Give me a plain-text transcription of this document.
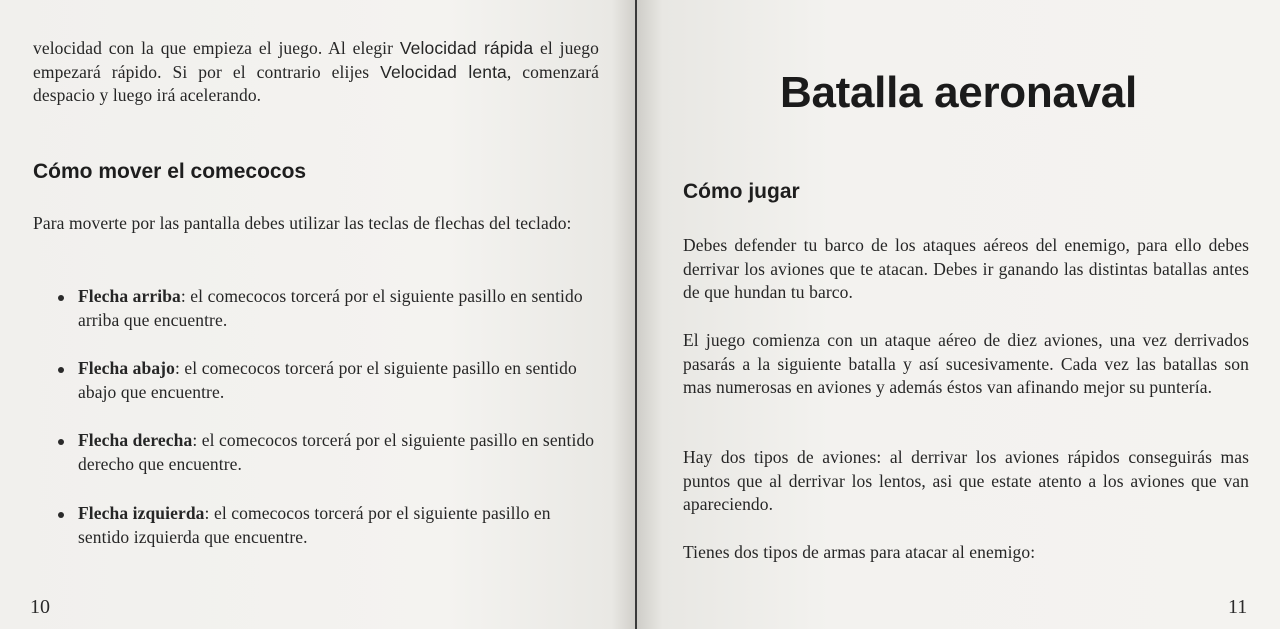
velocidad con la que empieza el juego. Al elegir Velocidad rápida el juego empezará rápido. Si por el contrario elijes Velocidad lenta, comenzará despacio y luego irá acelerando.

Cómo mover el comecocos

Para moverte por las pantalla debes utilizar las teclas de flechas del teclado:

Flecha arriba: el comecocos torcerá por el siguiente pasillo en sentido arriba que encuentre.

Flecha abajo: el comecocos torcerá por el siguiente pasillo en sentido abajo que encuentre.

Flecha derecha: el comecocos torcerá por el siguiente pasillo en sentido derecho que encuentre.

Flecha izquierda: el comecocos torcerá por el siguiente pasillo en sentido izquierda que encuentre.

10

Batalla aeronaval
Cómo jugar

Debes defender tu barco de los ataques aéreos del enemigo, para ello debes derrivar los aviones que te atacan. Debes ir ganando las distintas batallas antes de que hundan tu barco.

El juego comienza con un ataque aéreo de diez aviones, una vez derrivados pasarás a la siguiente batalla y así sucesivamente. Cada vez las batallas son mas numerosas en aviones y además éstos van afinando mejor su puntería.

Hay dos tipos de aviones: al derrivar los aviones rápidos conseguirás mas puntos que al derrivar los lentos, asi que estate atento a los aviones que van apareciendo.

Tienes dos tipos de armas para atacar al enemigo:

11
